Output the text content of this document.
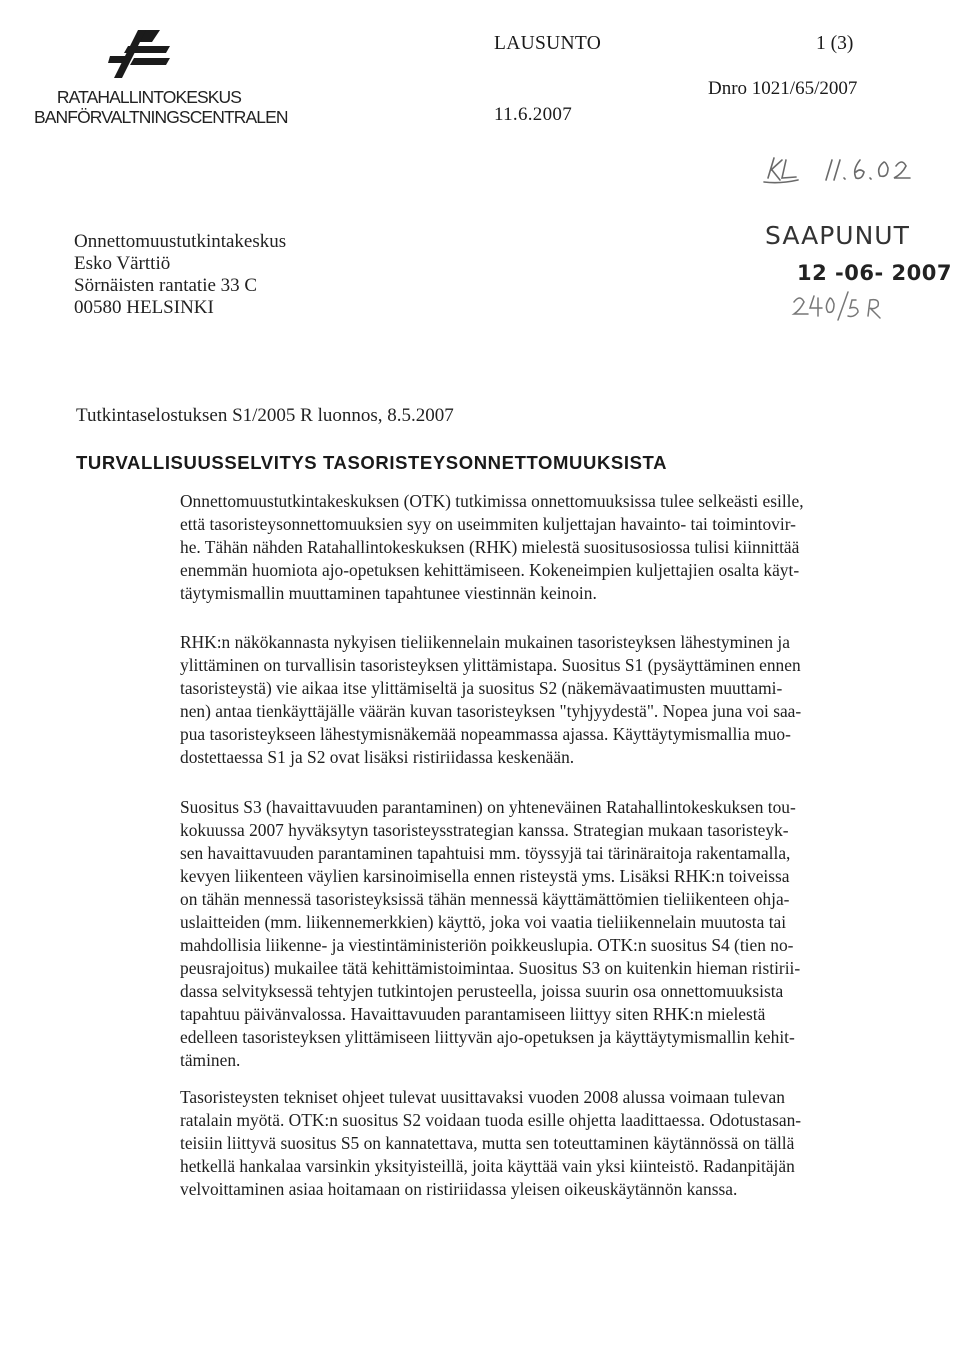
RATAHALLINTOKESKUS
BANFÖRVALTNINGSCENTRALEN
LAUSUNTO	1 (3)
11.6.2007
Dnro 1021/65/2007
SAAPUNUT
12 -06- 2007
Onnettomuustutkintakeskus
Esko Värttiö
Sörnäisten rantatie 33 C
00580 HELSINKI
Tutkintaselostuksen S1/2005 R luonnos, 8.5.2007
TURVALLISUUSSELVITYS TASORISTEYSONNETTOMUUKSISTA
Onnettomuustutkintakeskuksen (OTK) tutkimissa onnettomuuksissa tulee selkeästi esille,
että tasoristeysonnettomuuksien syy on useimmiten kuljettajan havainto- tai toimintovir-
he. Tähän nähden Ratahallintokeskuksen (RHK) mielestä suositusosiossa tulisi kiinnittää
enemmän huomiota ajo-opetuksen kehittämiseen. Kokeneimpien kuljettajien osalta käyt-
täytymismallin muuttaminen tapahtunee viestinnän keinoin.
RHK:n näkökannasta nykyisen tieliikennelain mukainen tasoristeyksen lähestyminen ja
ylittäminen on turvallisin tasoristeyksen ylittämistapa. Suositus S1 (pysäyttäminen ennen
tasoristeystä) vie aikaa itse ylittämiseltä ja suositus S2 (näkemävaatimusten muuttami-
nen) antaa tienkäyttäjälle väärän kuvan tasoristeyksen "tyhjyydestä". Nopea juna voi saa-
pua tasoristeykseen lähestymisnäkemää nopeammassa ajassa. Käyttäytymismallia muo-
dostettaessa S1 ja S2 ovat lisäksi ristiriidassa keskenään.
Suositus S3 (havaittavuuden parantaminen) on yhteneväinen Ratahallintokeskuksen tou-
kokuussa 2007 hyväksytyn tasoristeysstrategian kanssa. Strategian mukaan tasoristeyk-
sen havaittavuuden parantaminen tapahtuisi mm. töyssyjä tai tärinäraitoja rakentamalla,
kevyen liikenteen väylien karsinoimisella ennen risteystä yms. Lisäksi RHK:n toiveissa
on tähän mennessä tasoristeyksissä tähän mennessä käyttämättömien tieliikenteen ohja-
uslaitteiden (mm. liikennemerkkien) käyttö, joka voi vaatia tieliikennelain muutosta tai
mahdollisia liikenne- ja viestintäministeriön poikkeuslupia. OTK:n suositus S4 (tien no-
peusrajoitus) mukailee tätä kehittämistoimintaa. Suositus S3 on kuitenkin hieman ristirii-
dassa selvityksessä tehtyjen tutkintojen perusteella, joissa suurin osa onnettomuuksista
tapahtuu päivänvalossa. Havaittavuuden parantamiseen liittyy siten RHK:n mielestä
edelleen tasoristeyksen ylittämiseen liittyvän ajo-opetuksen ja käyttäytymismallin kehit-
täminen.
Tasoristeysten tekniset ohjeet tulevat uusittavaksi vuoden 2008 alussa voimaan tulevan
ratalain myötä. OTK:n suositus S2 voidaan tuoda esille ohjetta laadittaessa. Odotustasan-
teisiin liittyvä suositus S5 on kannatettava, mutta sen toteuttaminen käytännössä on tällä
hetkellä hankalaa varsinkin yksityisteillä, joita käyttää vain yksi kiinteistö. Radanpitäjän
velvoittaminen asiaa hoitamaan on ristiriidassa yleisen oikeuskäytännön kanssa.
